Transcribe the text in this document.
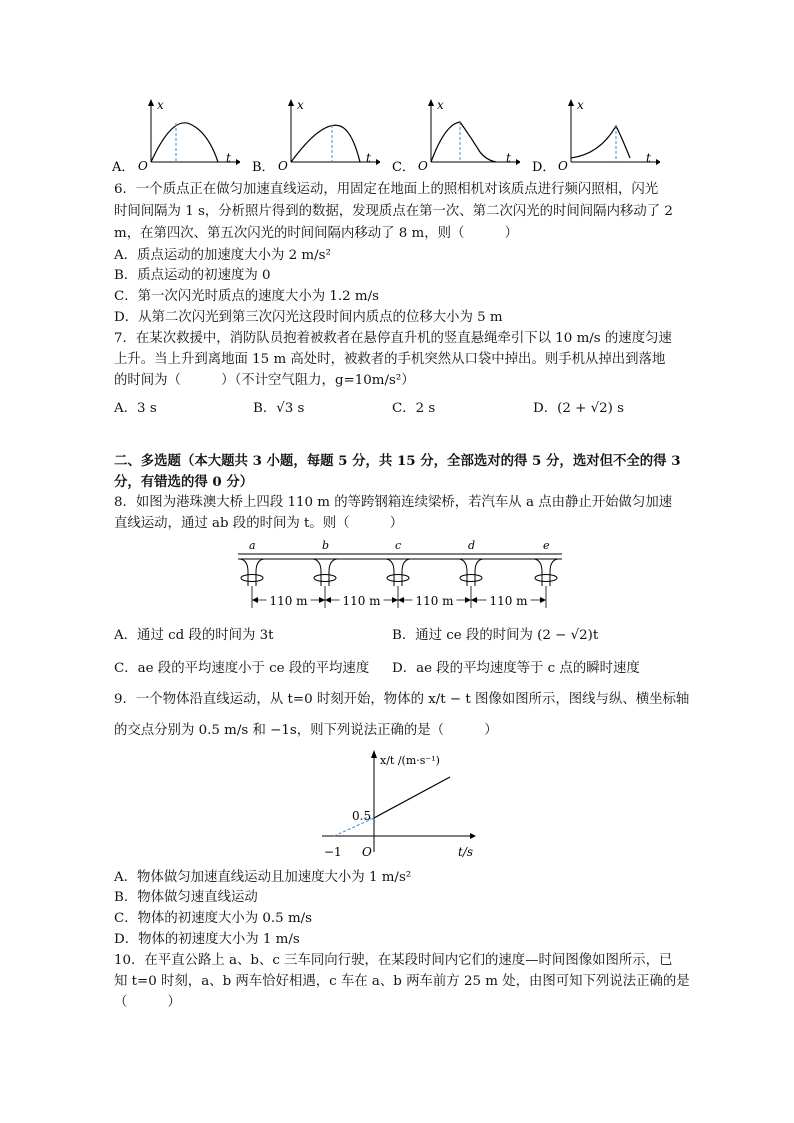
x
t
O
A．
x
t
O
B．
x
t
O
C．
x
t
O
D．
6．一个质点正在做匀加速直线运动，用固定在地面上的照相机对该质点进行频闪照相，闪光
时间间隔为 1 s，分析照片得到的数据，发现质点在第一次、第二次闪光的时间间隔内移动了 2
m，在第四次、第五次闪光的时间间隔内移动了 8 m，则（　　　）
A．质点运动的加速度大小为 2 m/s²
B．质点运动的初速度为 0
C．第一次闪光时质点的速度大小为 1.2 m/s
D．从第二次闪光到第三次闪光这段时间内质点的位移大小为 5 m
7．在某次救援中，消防队员抱着被救者在悬停直升机的竖直悬绳牵引下以 10 m/s 的速度匀速
上升。当上升到离地面 15 m 高处时，被救者的手机突然从口袋中掉出。则手机从掉出到落地
的时间为（　　　）（不计空气阻力，g=10m/s²）
A．3 s	B．√3 s	C．2 s	D．(2 + √2) s
二、多选题（本大题共 3 小题，每题 5 分，共 15 分，全部选对的得 5 分，选对但不全的得 3
分，有错选的得 0 分）
8．如图为港珠澳大桥上四段 110 m 的等跨钢箱连续梁桥，若汽车从 a 点由静止开始做匀加速
直线运动，通过 ab 段的时间为 t。则（　　　）
a	b	c	d	e
110 m	110 m	110 m	110 m
A．通过 cd 段的时间为 3t	B．通过 ce 段的时间为 (2 − √2)t
C．ae 段的平均速度小于 ce 段的平均速度 D．ae 段的平均速度等于 c 点的瞬时速度
9．一个物体沿直线运动，从 t=0 时刻开始，物体的 x/t − t 图像如图所示，图线与纵、横坐标轴
的交点分别为 0.5 m/s 和 −1s，则下列说法正确的是（　　　）
x/t /(m·s⁻¹)
0.5
−1 O	t/s
A．物体做匀加速直线运动且加速度大小为 1 m/s²
B．物体做匀速直线运动
C．物体的初速度大小为 0.5 m/s
D．物体的初速度大小为 1 m/s
10．在平直公路上 a、b、c 三车同向行驶，在某段时间内它们的速度—时间图像如图所示，已
知 t=0 时刻，a、b 两车恰好相遇，c 车在 a、b 两车前方 25 m 处，由图可知下列说法正确的是
（　　　）
